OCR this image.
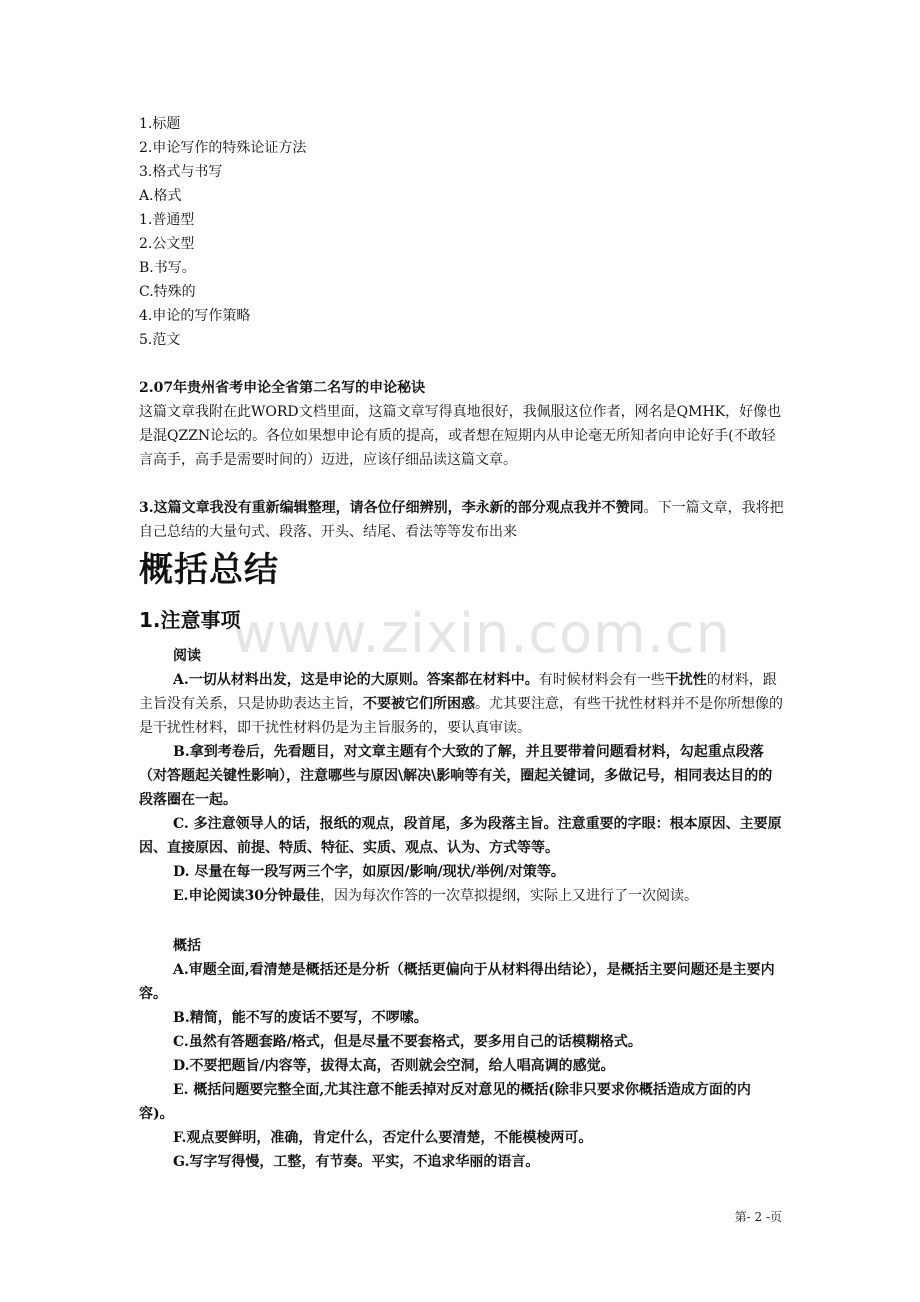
www.zixin.com.cn
1.标题
2.申论写作的特殊论证方法
3.格式与书写
A.格式
1.普通型
2.公文型
B.书写。
C.特殊的
4.申论的写作策略
5.范文
2.07年贵州省考申论全省第二名写的申论秘诀
这篇文章我附在此WORD文档里面，这篇文章写得真地很好，我佩服这位作者，网名是QMHK，好像也是混QZZN论坛的。各位如果想申论有质的提高，或者想在短期内从申论毫无所知者向申论好手(不敢轻言高手，高手是需要时间的）迈进，应该仔细品读这篇文章。
3.这篇文章我没有重新编辑整理，请各位仔细辨别，李永新的部分观点我并不赞同。下一篇文章，我将把自己总结的大量句式、段落、开头、结尾、看法等等发布出来
概括总结
1.注意事项
阅读
A.一切从材料出发，这是申论的大原则。答案都在材料中。有时候材料会有一些干扰性的材料，跟主旨没有关系，只是协助表达主旨，不要被它们所困惑。尤其要注意，有些干扰性材料并不是你所想像的是干扰性材料，即干扰性材料仍是为主旨服务的，要认真审读。
B.拿到考卷后，先看题目，对文章主题有个大致的了解，并且要带着问题看材料，勾起重点段落（对答题起关键性影响），注意哪些与原因\解决\影响等有关，圈起关键词，多做记号，相同表达目的的段落圈在一起。
C. 多注意领导人的话，报纸的观点，段首尾，多为段落主旨。注意重要的字眼：根本原因、主要原因、直接原因、前提、特质、特征、实质、观点、认为、方式等等。
D. 尽量在每一段写两三个字，如原因/影响/现状/举例/对策等。
E.申论阅读30分钟最佳，因为每次作答的一次草拟提纲，实际上又进行了一次阅读。
概括
A.审题全面,看清楚是概括还是分析（概括更偏向于从材料得出结论），是概括主要问题还是主要内容。
B.精简，能不写的废话不要写，不啰嗦。
C.虽然有答题套路/格式，但是尽量不要套格式，要多用自己的话模糊格式。
D.不要把题旨/内容等，拔得太高，否则就会空洞，给人唱高调的感觉。
E. 概括问题要完整全面,尤其注意不能丢掉对反对意见的概括(除非只要求你概括造成方面的内容)。
F.观点要鲜明，准确，肯定什么，否定什么要清楚，不能模棱两可。
G.写字写得慢，工整，有节奏。平实，不追求华丽的语言。
第- 2 -页
